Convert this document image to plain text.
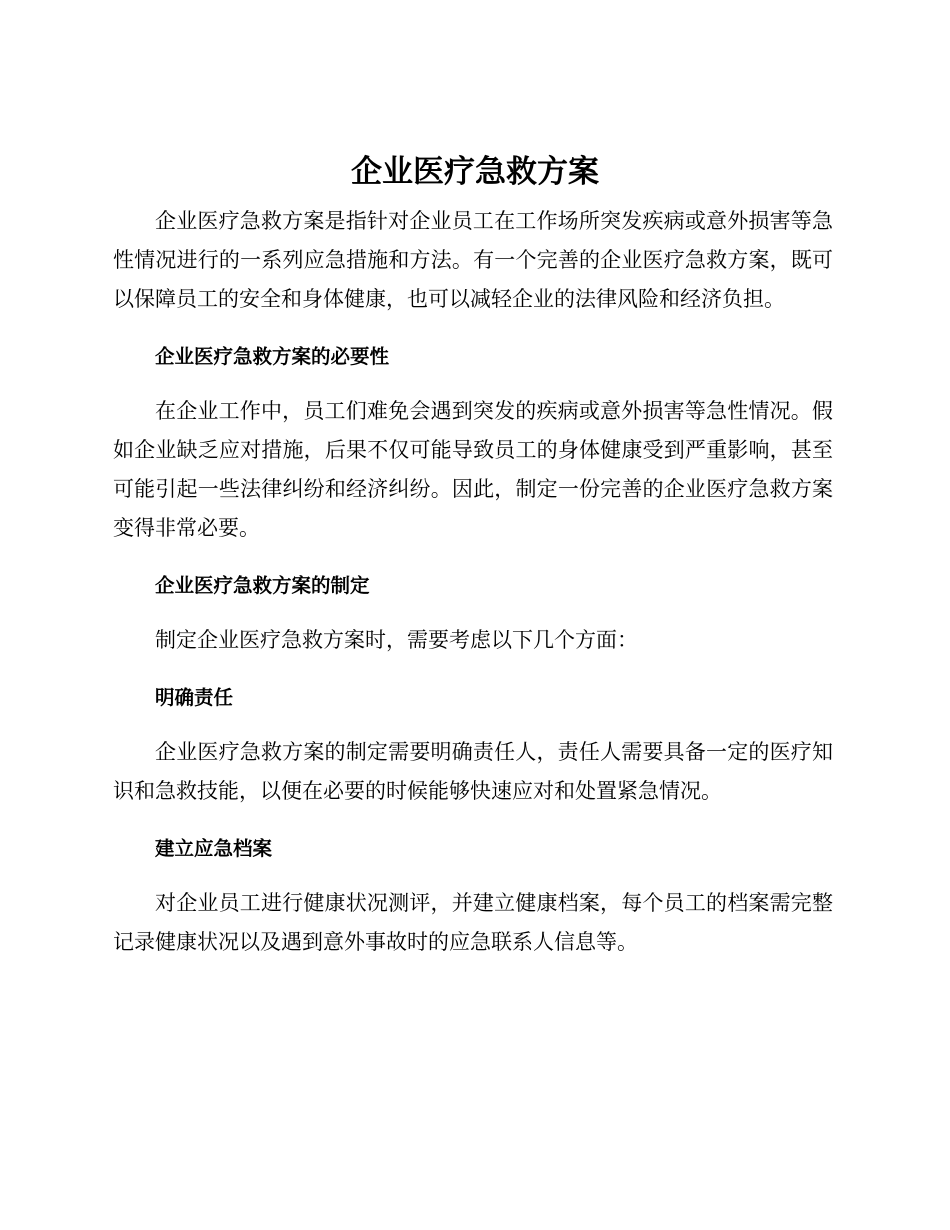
企业医疗急救方案

企业医疗急救方案是指针对企业员工在工作场所突发疾病或意外损害等急性情况进行的一系列应急措施和方法。有一个完善的企业医疗急救方案，既可以保障员工的安全和身体健康，也可以减轻企业的法律风险和经济负担。

企业医疗急救方案的必要性

在企业工作中，员工们难免会遇到突发的疾病或意外损害等急性情况。假如企业缺乏应对措施，后果不仅可能导致员工的身体健康受到严重影响，甚至可能引起一些法律纠纷和经济纠纷。因此，制定一份完善的企业医疗急救方案变得非常必要。

企业医疗急救方案的制定

制定企业医疗急救方案时，需要考虑以下几个方面：

明确责任

企业医疗急救方案的制定需要明确责任人，责任人需要具备一定的医疗知识和急救技能，以便在必要的时候能够快速应对和处置紧急情况。

建立应急档案

对企业员工进行健康状况测评，并建立健康档案，每个员工的档案需完整记录健康状况以及遇到意外事故时的应急联系人信息等。
